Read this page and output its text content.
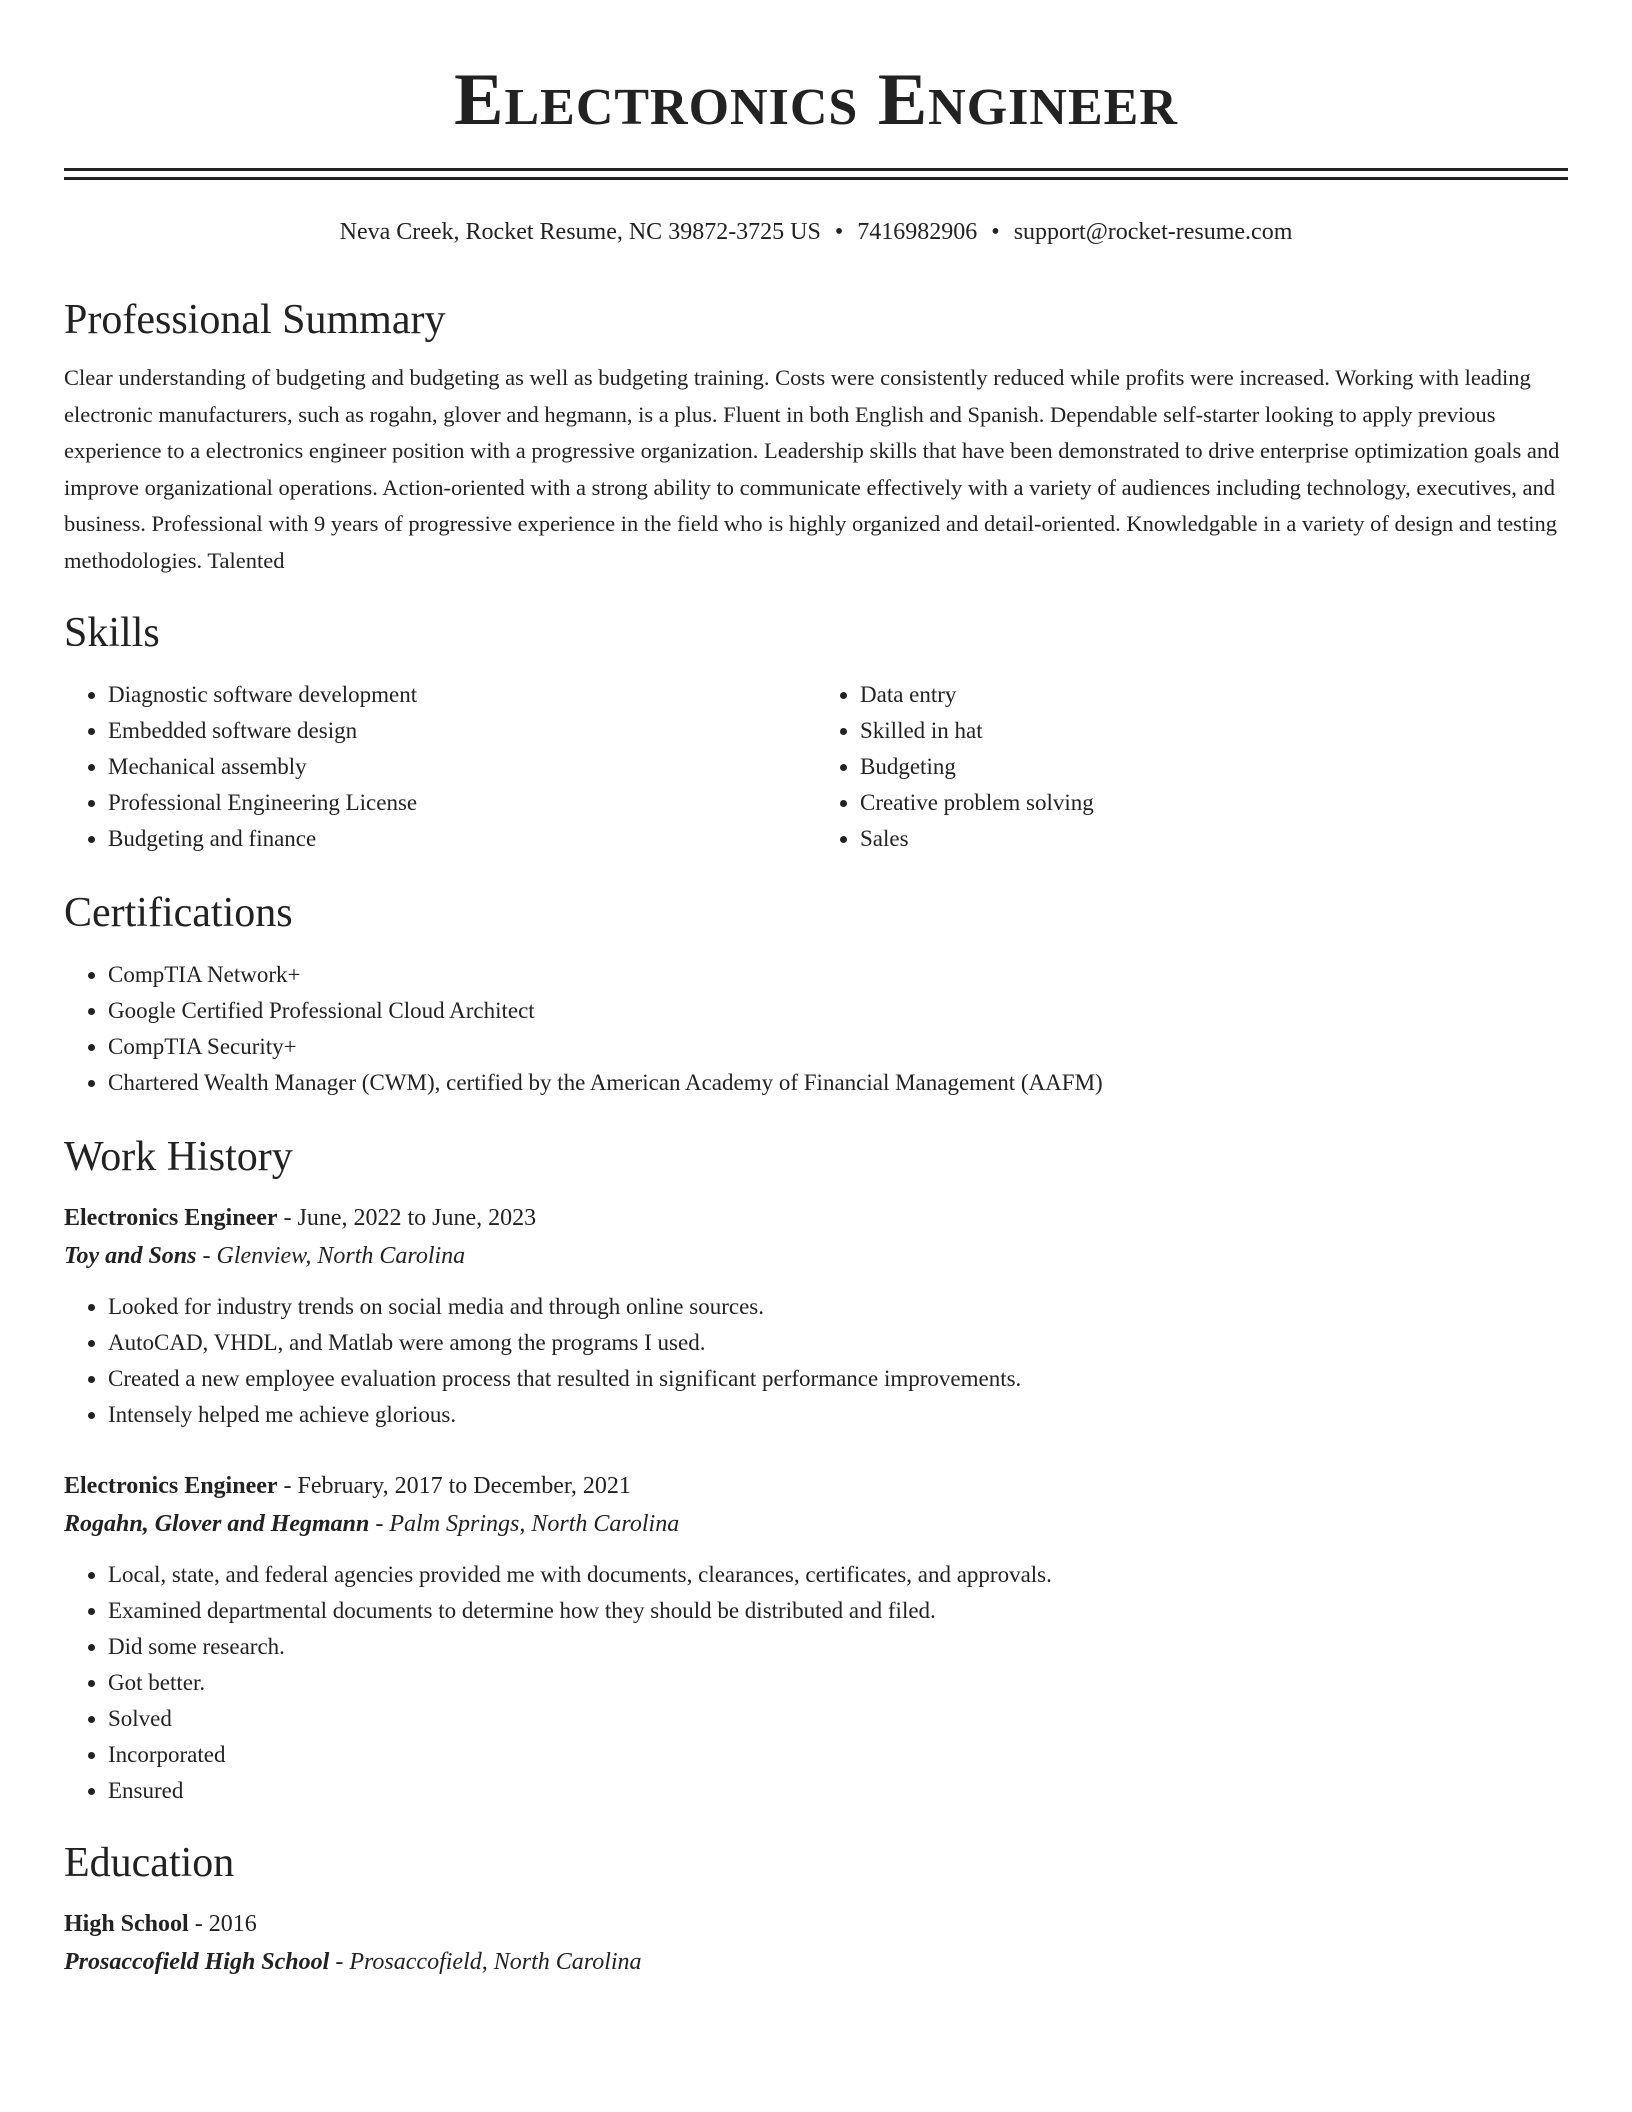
Electronics Engineer
Neva Creek, Rocket Resume, NC 39872-3725 US • 7416982906 • support@rocket-resume.com
Professional Summary
Clear understanding of budgeting and budgeting as well as budgeting training. Costs were consistently reduced while profits were increased. Working with leading electronic manufacturers, such as rogahn, glover and hegmann, is a plus. Fluent in both English and Spanish. Dependable self-starter looking to apply previous experience to a electronics engineer position with a progressive organization. Leadership skills that have been demonstrated to drive enterprise optimization goals and improve organizational operations. Action-oriented with a strong ability to communicate effectively with a variety of audiences including technology, executives, and business. Professional with 9 years of progressive experience in the field who is highly organized and detail-oriented. Knowledgable in a variety of design and testing methodologies. Talented
Skills
• Diagnostic software development
• Embedded software design
• Mechanical assembly
• Professional Engineering License
• Budgeting and finance
• Data entry
• Skilled in hat
• Budgeting
• Creative problem solving
• Sales
Certifications
• CompTIA Network+
• Google Certified Professional Cloud Architect
• CompTIA Security+
• Chartered Wealth Manager (CWM), certified by the American Academy of Financial Management (AAFM)
Work History
Electronics Engineer - June, 2022 to June, 2023
Toy and Sons - Glenview, North Carolina
• Looked for industry trends on social media and through online sources.
• AutoCAD, VHDL, and Matlab were among the programs I used.
• Created a new employee evaluation process that resulted in significant performance improvements.
• Intensely helped me achieve glorious.
Electronics Engineer - February, 2017 to December, 2021
Rogahn, Glover and Hegmann - Palm Springs, North Carolina
• Local, state, and federal agencies provided me with documents, clearances, certificates, and approvals.
• Examined departmental documents to determine how they should be distributed and filed.
• Did some research.
• Got better.
• Solved
• Incorporated
• Ensured
Education
High School - 2016
Prosaccofield High School - Prosaccofield, North Carolina
